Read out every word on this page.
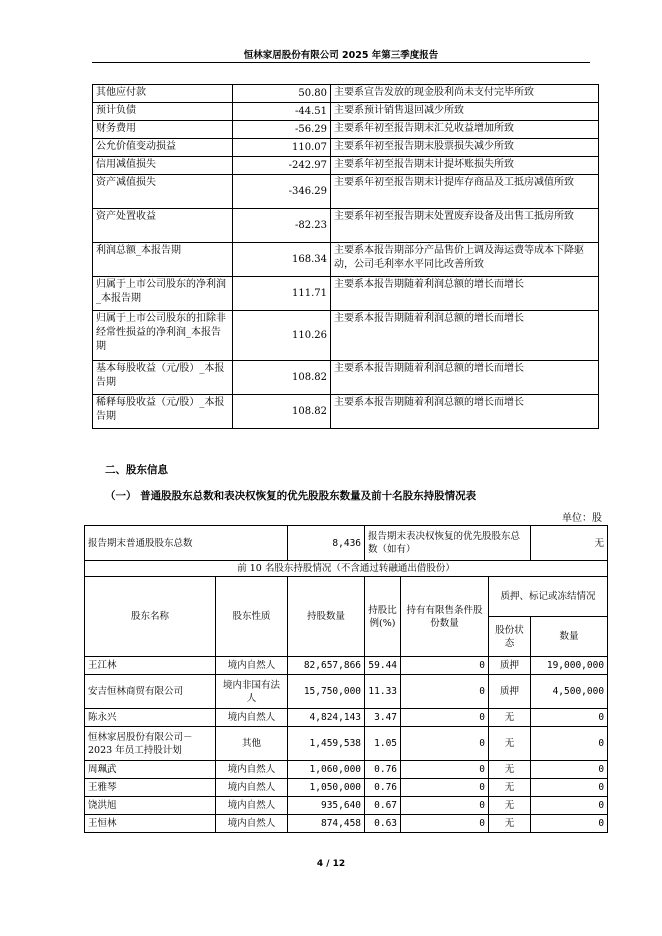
恒林家居股份有限公司 2025 年第三季度报告
其他应付款	50.80	主要系宣告发放的现金股利尚未支付完毕所致
预计负债	-44.51	主要系预计销售退回减少所致
财务费用	-56.29	主要系年初至报告期末汇兑收益增加所致
公允价值变动损益	110.07	主要系年初至报告期末股票损失减少所致
信用减值损失	-242.97	主要系年初至报告期末计提坏账损失所致
资产减值损失	-346.29	主要系年初至报告期末计提库存商品及工抵房减值所致
资产处置收益	-82.23	主要系年初至报告期末处置废弃设备及出售工抵房所致
利润总额_本报告期	168.34	主要系本报告期部分产品售价上调及海运费等成本下降驱动，公司毛利率水平同比改善所致
归属于上市公司股东的净利润_本报告期	111.71	主要系本报告期随着利润总额的增长而增长
归属于上市公司股东的扣除非经常性损益的净利润_本报告期	110.26	主要系本报告期随着利润总额的增长而增长
基本每股收益（元/股）_本报告期	108.82	主要系本报告期随着利润总额的增长而增长
稀释每股收益（元/股）_本报告期	108.82	主要系本报告期随着利润总额的增长而增长
二、股东信息
（一） 普通股股东总数和表决权恢复的优先股股东数量及前十名股东持股情况表
单位：股
报告期末普通股股东总数		8,436	报告期末表决权恢复的优先股股东总数（如有）			无
前 10 名股东持股情况（不含通过转融通出借股份）						
股东名称	股东性质	持股数量	持股比例(%)	持有有限售条件股份数量	质押、标记或冻结情况	
					股份状态	数量
王江林	境内自然人	82,657,866	59.44	0	质押	19,000,000
安吉恒林商贸有限公司	境内非国有法人	15,750,000	11.33	0	质押	4,500,000
陈永兴	境内自然人	4,824,143	3.47	0	无	0
恒林家居股份有限公司－2023 年员工持股计划	其他	1,459,538	1.05	0	无	0
周珮武	境内自然人	1,060,000	0.76	0	无	0
王雅琴	境内自然人	1,050,000	0.76	0	无	0
饶洪旭	境内自然人	935,640	0.67	0	无	0
王恒林	境内自然人	874,458	0.63	0	无	0
4 / 12
